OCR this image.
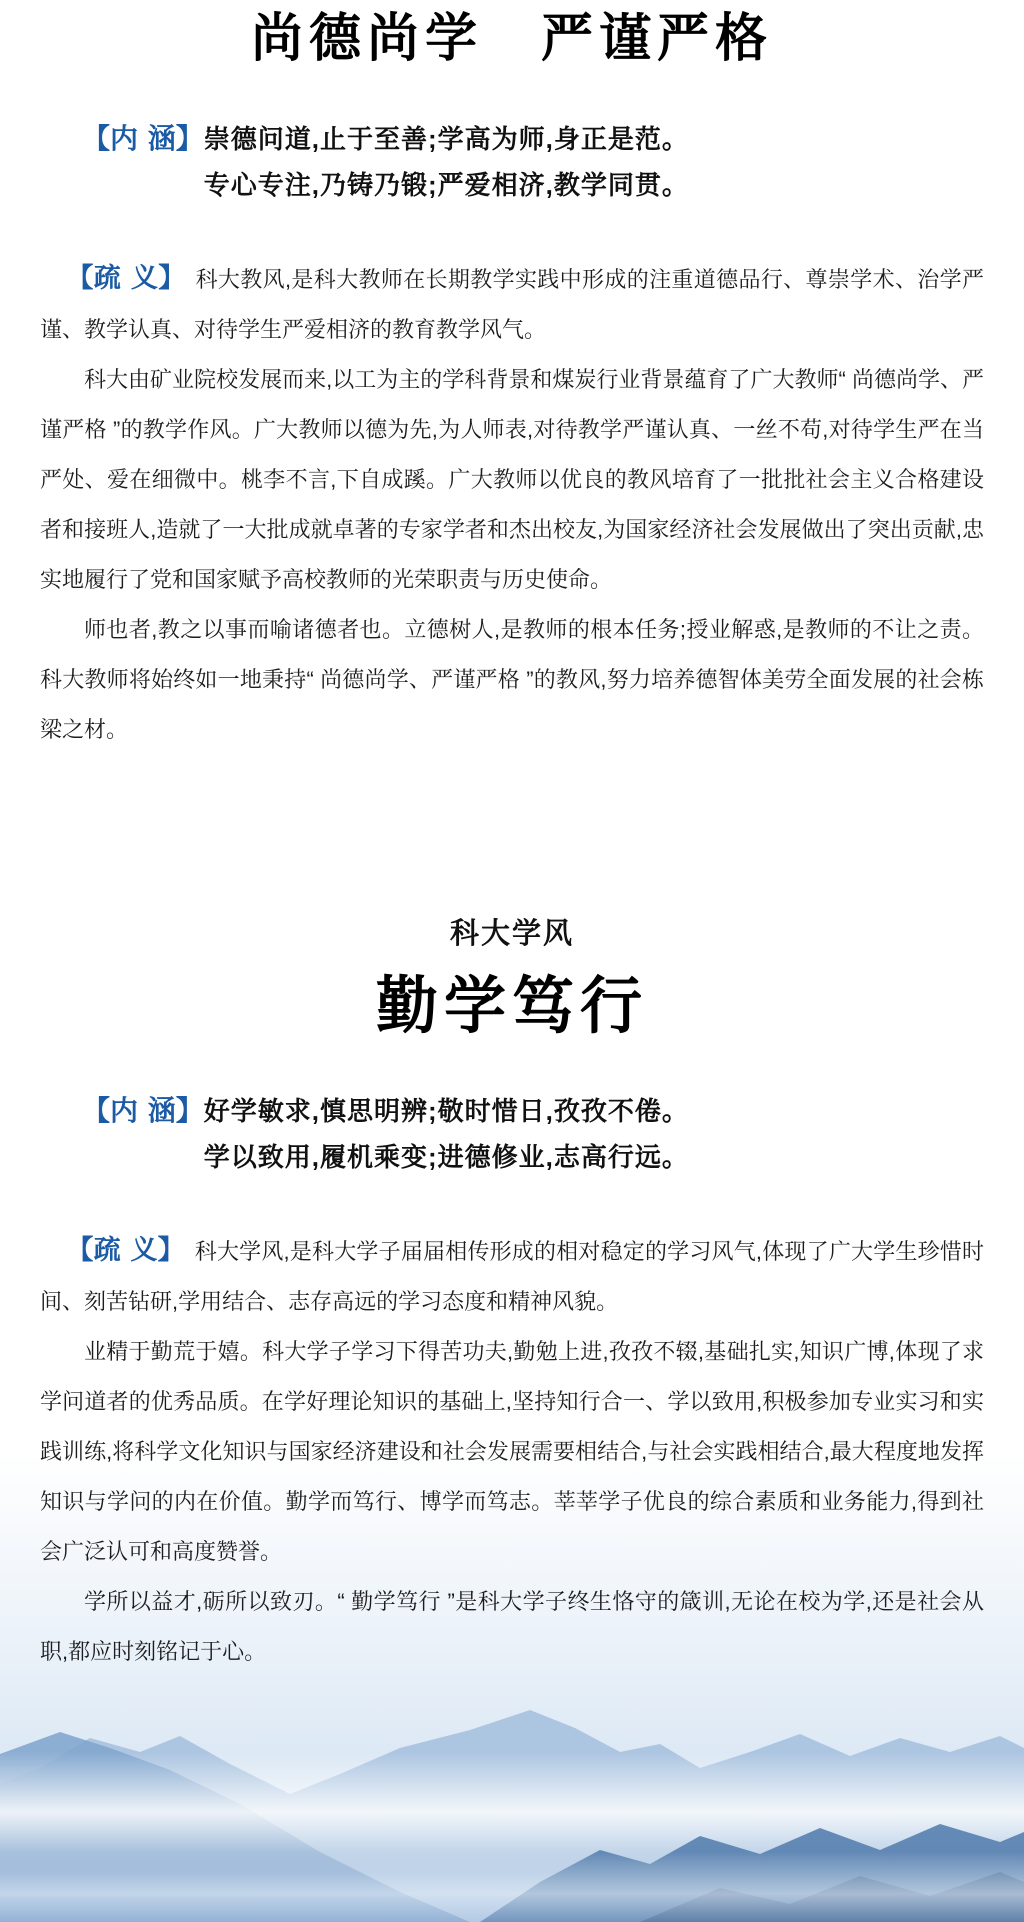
尚德尚学　严谨严格
【内 涵】 崇德问道,止于至善;学高为师,身正是范。
专心专注,乃铸乃锻;严爱相济,教学同贯。

【疏 义】 科大教风,是科大教师在长期教学实践中形成的注重道德品行、尊崇学术、治学严谨、教学认真、对待学生严爱相济的教育教学风气。

科大由矿业院校发展而来,以工为主的学科背景和煤炭行业背景蕴育了广大教师“ 尚德尚学、严谨严格 ”的教学作风。广大教师以德为先,为人师表,对待教学严谨认真、一丝不苟,对待学生严在当严处、爱在细微中。桃李不言,下自成蹊。广大教师以优良的教风培育了一批批社会主义合格建设者和接班人,造就了一大批成就卓著的专家学者和杰出校友,为国家经济社会发展做出了突出贡献,忠实地履行了党和国家赋予高校教师的光荣职责与历史使命。

师也者,教之以事而喻诸德者也。立德树人,是教师的根本任务;授业解惑,是教师的不让之责。科大教师将始终如一地秉持“ 尚德尚学、严谨严格 ”的教风,努力培养德智体美劳全面发展的社会栋梁之材。

科大学风
勤学笃行
【内 涵】 好学敏求,慎思明辨;敬时惜日,孜孜不倦。
学以致用,履机乘变;进德修业,志高行远。

【疏 义】 科大学风,是科大学子届届相传形成的相对稳定的学习风气,体现了广大学生珍惜时间、刻苦钻研,学用结合、志存高远的学习态度和精神风貌。

业精于勤荒于嬉。科大学子学习下得苦功夫,勤勉上进,孜孜不辍,基础扎实,知识广博,体现了求学问道者的优秀品质。在学好理论知识的基础上,坚持知行合一、学以致用,积极参加专业实习和实践训练,将科学文化知识与国家经济建设和社会发展需要相结合,与社会实践相结合,最大程度地发挥知识与学问的内在价值。勤学而笃行、博学而笃志。莘莘学子优良的综合素质和业务能力,得到社会广泛认可和高度赞誉。

学所以益才,砺所以致刃。“ 勤学笃行 ”是科大学子终生恪守的箴训,无论在校为学,还是社会从职,都应时刻铭记于心。
